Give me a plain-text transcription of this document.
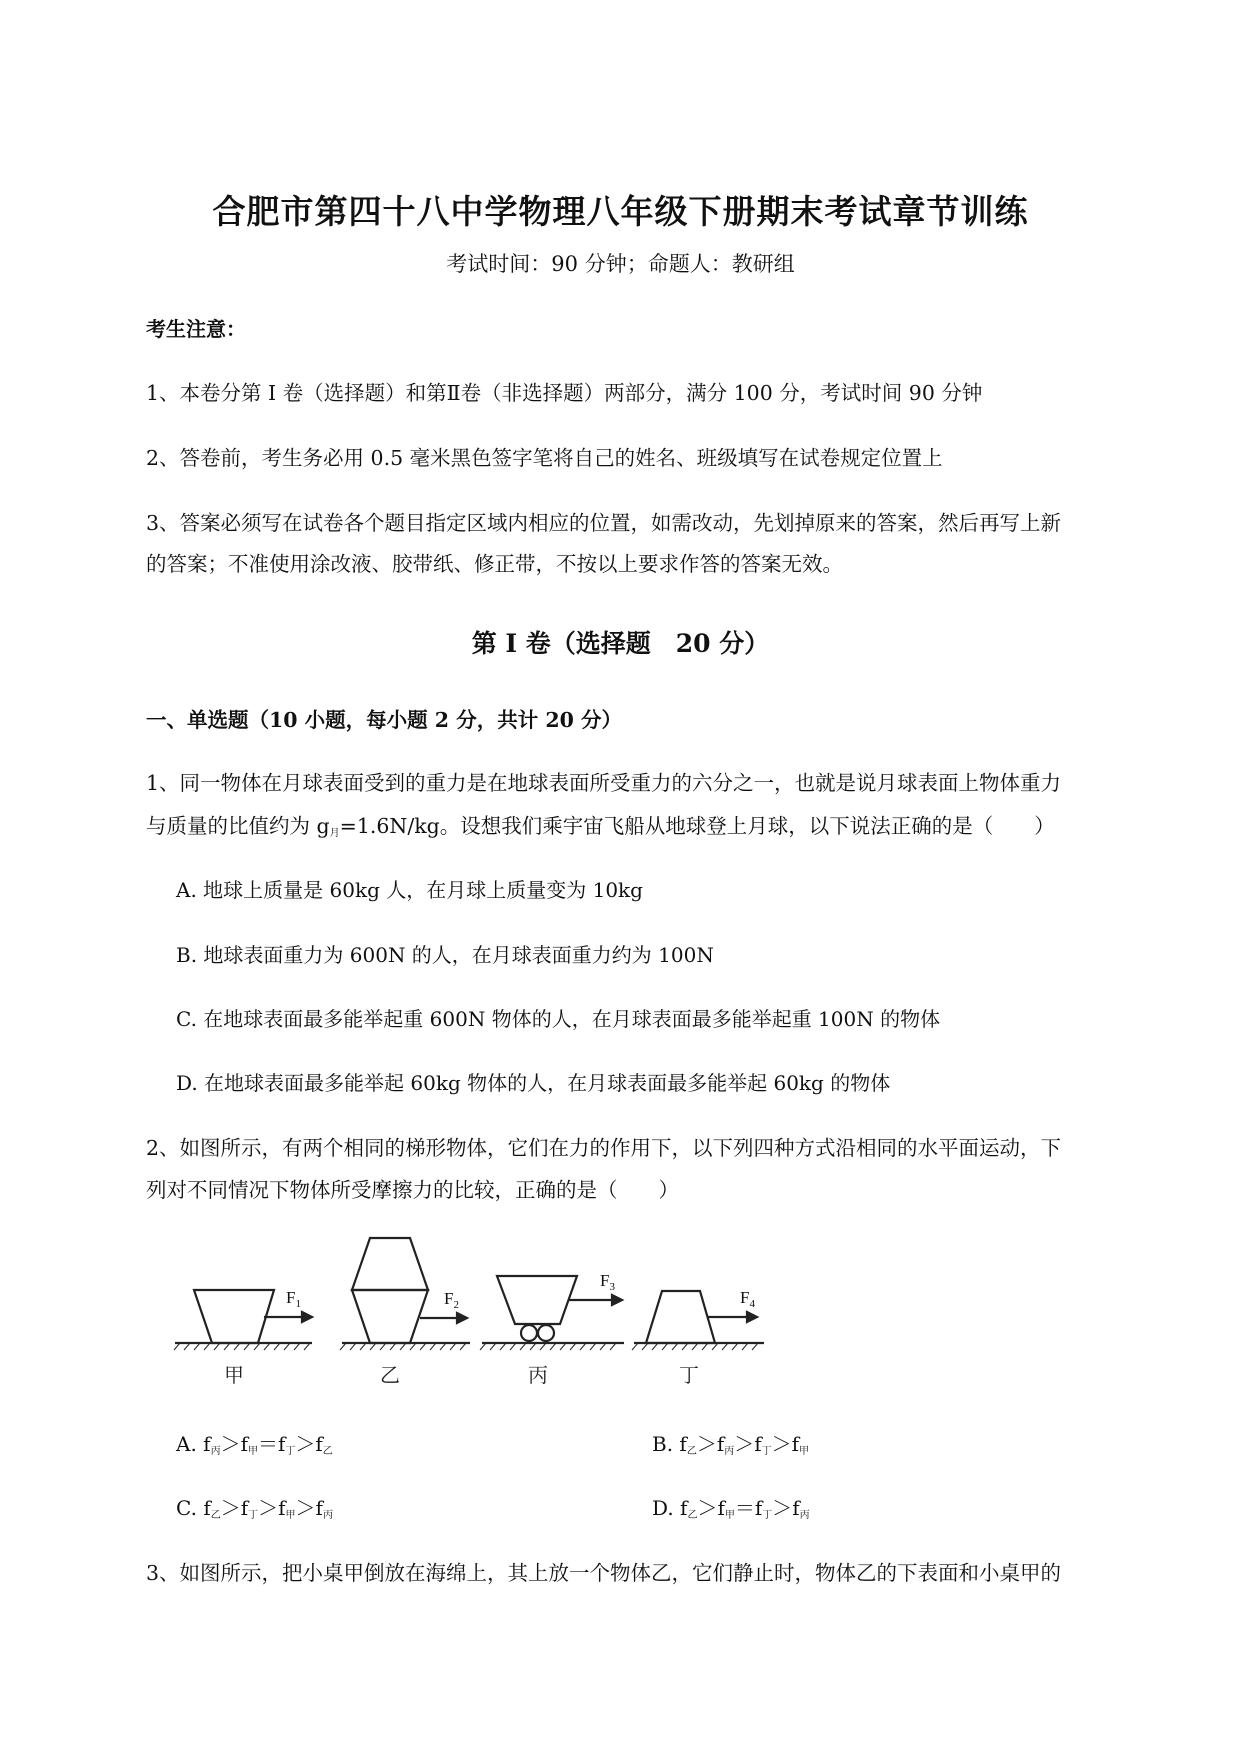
合肥市第四十八中学物理八年级下册期末考试章节训练
考试时间：90 分钟；命题人：教研组
考生注意：
1、本卷分第 I 卷（选择题）和第Ⅱ卷（非选择题）两部分，满分 100 分，考试时间 90 分钟
2、答卷前，考生务必用 0.5 毫米黑色签字笔将自己的姓名、班级填写在试卷规定位置上
3、答案必须写在试卷各个题目指定区域内相应的位置，如需改动，先划掉原来的答案，然后再写上新
的答案；不准使用涂改液、胶带纸、修正带，不按以上要求作答的答案无效。
第 I 卷（选择题　20 分）
一、单选题（10 小题，每小题 2 分，共计 20 分）
1、同一物体在月球表面受到的重力是在地球表面所受重力的六分之一，也就是说月球表面上物体重力
与质量的比值约为 $g_月=1.6N/kg$。设想我们乘宇宙飞船从地球登上月球，以下说法正确的是（　　）
A. 地球上质量是 60kg 人，在月球上质量变为 10kg
B. 地球表面重力为 600N 的人，在月球表面重力约为 100N
C. 在地球表面最多能举起重 600N 物体的人，在月球表面最多能举起重 100N 的物体
D. 在地球表面最多能举起 60kg 物体的人，在月球表面最多能举起 60kg 的物体
2、如图所示，有两个相同的梯形物体，它们在力的作用下，以下列四种方式沿相同的水平面运动，下
列对不同情况下物体所受摩擦力的比较，正确的是（　　）
$F_1$	$F_2$
$F_3$
$F_4$
甲	乙	丙	丁
A. $f_丙>f_甲=f_丁>f_乙$	B. $f_乙>f_丙>f_丁>f_甲$
C. $f_乙>f_丁>f_甲>f_丙$	D. $f_乙>f_甲=f_丁>f_丙$
3、如图所示，把小桌甲倒放在海绵上，其上放一个物体乙，它们静止时，物体乙的下表面和小桌甲的
